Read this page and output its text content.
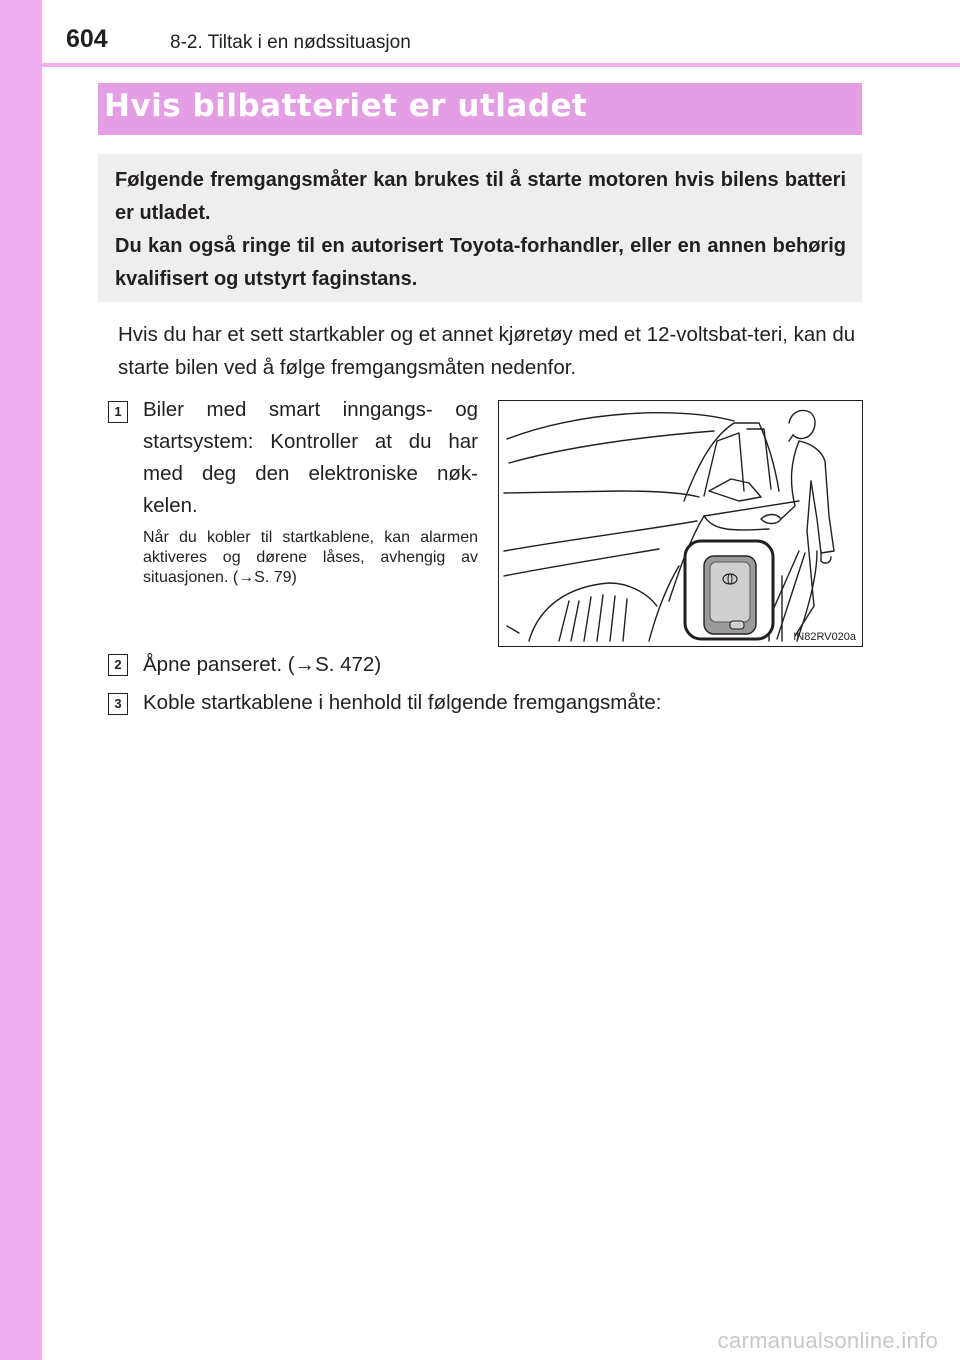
604	8-2. Tiltak i en nødssituasjon
Hvis bilbatteriet er utladet

Følgende fremgangsmåter kan brukes til å starte motoren hvis bilens batteri er utladet.

Du kan også ringe til en autorisert Toyota-forhandler, eller en annen behørig kvalifisert og utstyrt faginstans.

Hvis du har et sett startkabler og et annet kjøretøy med et 12-voltsbat-teri, kan du starte bilen ved å følge fremgangsmåten nedenfor.
1	Biler med smart inngangs- og startsystem: Kontroller at du har med deg den elektroniske nøk-kelen.
Når du kobler til startkablene, kan alarmen aktiveres og dørene låses, avhengig av situasjonen. (→S. 79)
IN82RV020a
2	Åpne panseret. (→S. 472)
3	Koble startkablene i henhold til følgende fremgangsmåte:
carmanualsonline.info
